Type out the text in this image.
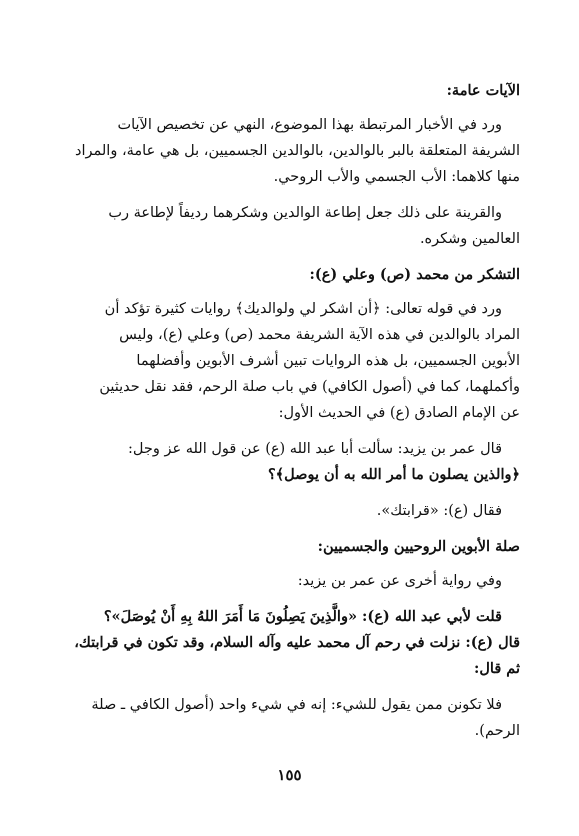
الآيات عامة:
ورد في الأخبار المرتبطة بهذا الموضوع، النهي عن تخصيص الآيات
الشريفة المتعلقة بالبر بالوالدين، بالوالدين الجسميين، بل هي عامة، والمراد
منها كلاهما: الأب الجسمي والأب الروحي.
والقرينة على ذلك جعل إطاعة الوالدين وشكرهما رديفاً لإطاعة رب
العالمين وشكره.
التشكر من محمد (ص) وعلي (ع):
ورد في قوله تعالى: ﴿أن اشكر لي ولوالديك﴾ روايات كثيرة تؤكد أن
المراد بالوالدين في هذه الآية الشريفة محمد (ص) وعلي (ع)، وليس
الأبوين الجسميين، بل هذه الروايات تبين أشرف الأبوين وأفضلهما
وأكملهما، كما في (أصول الكافي) في باب صلة الرحم، فقد نقل حديثين
عن الإمام الصادق (ع) في الحديث الأول:
قال عمر بن يزيد: سألت أبا عبد الله (ع) عن قول الله عز وجل:
﴿والذين يصلون ما أمر الله به أن يوصل﴾؟
فقال (ع): «قرابتك».
صلة الأبوين الروحيين والجسميين:
وفي رواية أخرى عن عمر بن يزيد:
قلت لأبي عبد الله (ع): «والَّذِينَ يَصِلُونَ مَا أَمَرَ اللهُ بِهِ أَنْ يُوصَلَ»؟
قال (ع): نزلت في رحم آل محمد عليه وآله السلام، وقد تكون في قرابتك،
ثم قال:
فلا تكونن ممن يقول للشيء: إنه في شيء واحد (أصول الكافي ـ صلة
الرحم).
١٥٥
